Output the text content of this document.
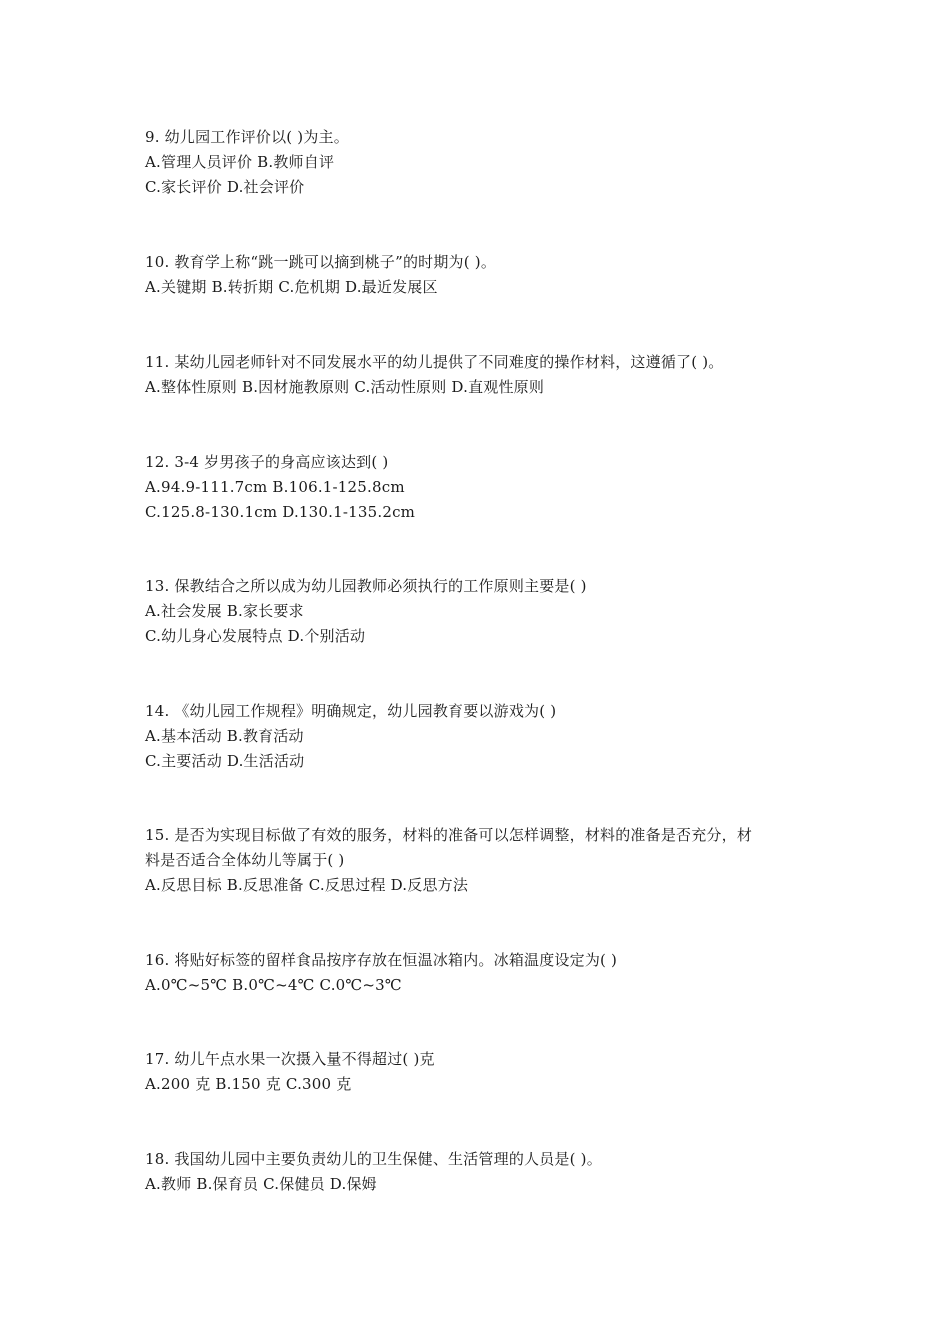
9. 幼儿园工作评价以( )为主。
A.管理人员评价 B.教师自评
C.家长评价 D.社会评价
10. 教育学上称“跳一跳可以摘到桃子”的时期为( )。
A.关键期 B.转折期 C.危机期 D.最近发展区
11. 某幼儿园老师针对不同发展水平的幼儿提供了不同难度的操作材料，这遵循了( )。
A.整体性原则 B.因材施教原则 C.活动性原则 D.直观性原则
12. 3-4 岁男孩子的身高应该达到( )
A.94.9-111.7cm B.106.1-125.8cm
C.125.8-130.1cm D.130.1-135.2cm
13. 保教结合之所以成为幼儿园教师必须执行的工作原则主要是( )
A.社会发展 B.家长要求
C.幼儿身心发展特点 D.个别活动
14. 《幼儿园工作规程》明确规定，幼儿园教育要以游戏为( )
A.基本活动 B.教育活动
C.主要活动 D.生活活动
15. 是否为实现目标做了有效的服务，材料的准备可以怎样调整，材料的准备是否充分，材
料是否适合全体幼儿等属于( )
A.反思目标 B.反思准备 C.反思过程 D.反思方法
16. 将贴好标签的留样食品按序存放在恒温冰箱内。冰箱温度设定为( )
A.0℃~5℃ B.0℃~4℃ C.0℃~3℃
17. 幼儿午点水果一次摄入量不得超过( )克
A.200 克 B.150 克 C.300 克
18. 我国幼儿园中主要负责幼儿的卫生保健、生活管理的人员是( )。
A.教师 B.保育员 C.保健员 D.保姆
